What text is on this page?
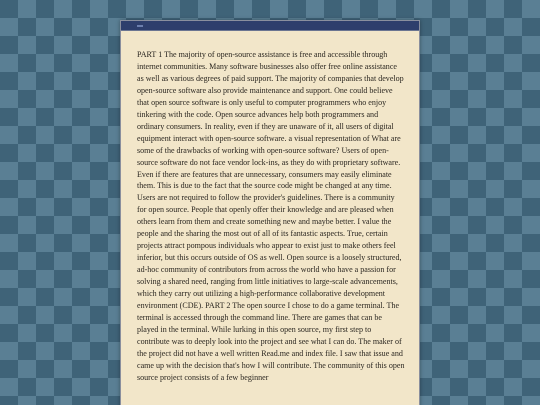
PART 1 The majority of open-source assistance is free and accessible through internet communities. Many software businesses also offer free online assistance as well as various degrees of paid support. The majority of companies that develop open-source software also provide maintenance and support. One could believe that open source software is only useful to computer programmers who enjoy tinkering with the code. Open source advances help both programmers and ordinary consumers. In reality, even if they are unaware of it, all users of digital equipment interact with open-source software. a visual representation of What are some of the drawbacks of working with open-source software? Users of open-source software do not face vendor lock-ins, as they do with proprietary software. Even if there are features that are unnecessary, consumers may easily eliminate them. This is due to the fact that the source code might be changed at any time. Users are not required to follow the provider's guidelines. There is a community for open source. People that openly offer their knowledge and are pleased when others learn from them and create something new and maybe better. I value the people and the sharing the most out of all of its fantastic aspects. True, certain projects attract pompous individuals who appear to exist just to make others feel inferior, but this occurs outside of OS as well. Open source is a loosely structured, ad-hoc community of contributors from across the world who have a passion for solving a shared need, ranging from little initiatives to large-scale advancements, which they carry out utilizing a high-performance collaborative development environment (CDE). PART 2 The open source I chose to do a game terminal. The terminal is accessed through the command line. There are games that can be played in the terminal. While lurking in this open source, my first step to contribute was to deeply look into the project and see what I can do. The maker of the project did not have a well written Read.me and index file. I saw that issue and came up with the decision that's how I will contribute. The community of this open source project consists of a few beginner
